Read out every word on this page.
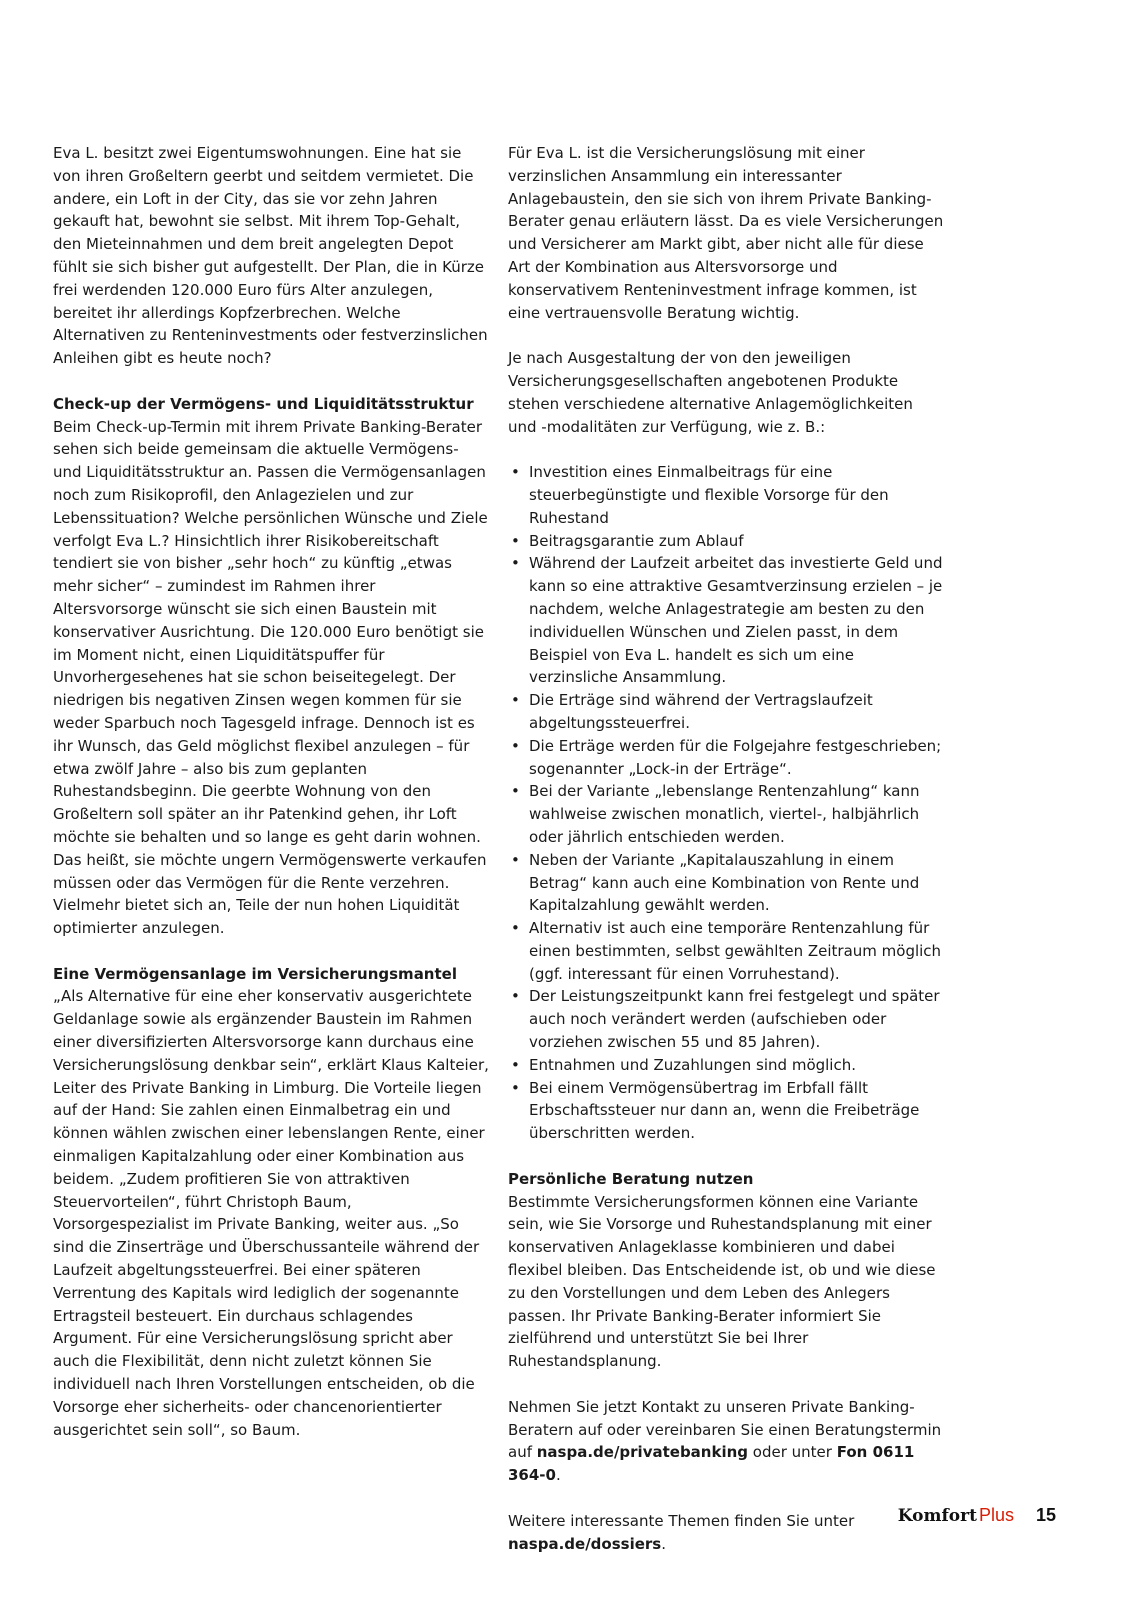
Eva L. besitzt zwei Eigentumswohnungen. Eine hat sie von ihren Großeltern geerbt und seitdem vermietet. Die andere, ein Loft in der City, das sie vor zehn Jahren gekauft hat, bewohnt sie selbst. Mit ihrem Top-Gehalt, den Mieteinnahmen und dem breit angelegten Depot fühlt sie sich bisher gut aufgestellt. Der Plan, die in Kürze frei werdenden 120.000 Euro fürs Alter anzulegen, bereitet ihr allerdings Kopfzerbrechen. Welche Alternativen zu Renteninvestments oder festverzinslichen Anleihen gibt es heute noch?

Check-up der Vermögens- und Liquiditätsstruktur

Beim Check-up-Termin mit ihrem Private Banking-Berater sehen sich beide gemeinsam die aktuelle Vermögens- und Liquiditätsstruktur an. Passen die Vermögensanlagen noch zum Risikoprofil, den Anlagezielen und zur Lebenssituation? Welche persönlichen Wünsche und Ziele verfolgt Eva L.? Hinsichtlich ihrer Risikobereitschaft tendiert sie von bisher „sehr hoch“ zu künftig „etwas mehr sicher“ – zumindest im Rahmen ihrer Altersvorsorge wünscht sie sich einen Baustein mit konservativer Ausrichtung. Die 120.000 Euro benötigt sie im Moment nicht, einen Liquiditätspuffer für Unvorhergesehenes hat sie schon beiseitegelegt. Der niedrigen bis negativen Zinsen wegen kommen für sie weder Sparbuch noch Tagesgeld infrage. Dennoch ist es ihr Wunsch, das Geld möglichst flexibel anzulegen – für etwa zwölf Jahre – also bis zum geplanten Ruhestandsbeginn. Die geerbte Wohnung von den Großeltern soll später an ihr Patenkind gehen, ihr Loft möchte sie behalten und so lange es geht darin wohnen. Das heißt, sie möchte ungern Vermögenswerte verkaufen müssen oder das Vermögen für die Rente verzehren. Vielmehr bietet sich an, Teile der nun hohen Liquidität optimierter anzulegen.

Eine Vermögensanlage im Versicherungsmantel

„Als Alternative für eine eher konservativ ausgerichtete Geldanlage sowie als ergänzender Baustein im Rahmen einer diversifizierten Altersvorsorge kann durchaus eine Versicherungslösung denkbar sein“, erklärt Klaus Kalteier, Leiter des Private Banking in Limburg. Die Vorteile liegen auf der Hand: Sie zahlen einen Einmalbetrag ein und können wählen zwischen einer lebenslangen Rente, einer einmaligen Kapitalzahlung oder einer Kombination aus beidem. „Zudem profitieren Sie von attraktiven Steuervorteilen“, führt Christoph Baum, Vorsorgespezialist im Private Banking, weiter aus. „So sind die Zinserträge und Überschussanteile während der Laufzeit abgeltungssteuerfrei. Bei einer späteren Verrentung des Kapitals wird lediglich der sogenannte Ertragsteil besteuert. Ein durchaus schlagendes Argument. Für eine Versicherungslösung spricht aber auch die Flexibilität, denn nicht zuletzt können Sie individuell nach Ihren Vorstellungen entscheiden, ob die Vorsorge eher sicherheits- oder chancenorientierter ausgerichtet sein soll“, so Baum.

Für Eva L. ist die Versicherungslösung mit einer verzinslichen Ansammlung ein interessanter Anlagebaustein, den sie sich von ihrem Private Banking-Berater genau erläutern lässt. Da es viele Versicherungen und Versicherer am Markt gibt, aber nicht alle für diese Art der Kombination aus Altersvorsorge und konservativem Renteninvestment infrage kommen, ist eine vertrauensvolle Beratung wichtig.

Je nach Ausgestaltung der von den jeweiligen Versicherungsgesellschaften angebotenen Produkte stehen verschiedene alternative Anlagemöglichkeiten und -modalitäten zur Verfügung, wie z. B.:

• Investition eines Einmalbeitrags für eine steuerbegünstigte und flexible Vorsorge für den Ruhestand
• Beitragsgarantie zum Ablauf
• Während der Laufzeit arbeitet das investierte Geld und kann so eine attraktive Gesamtverzinsung erzielen – je nachdem, welche Anlagestrategie am besten zu den individuellen Wünschen und Zielen passt, in dem Beispiel von Eva L. handelt es sich um eine verzinsliche Ansammlung.
• Die Erträge sind während der Vertragslaufzeit abgeltungssteuerfrei.
• Die Erträge werden für die Folgejahre festgeschrieben; sogenannter „Lock-in der Erträge“.
• Bei der Variante „lebenslange Rentenzahlung“ kann wahlweise zwischen monatlich, viertel-, halbjährlich oder jährlich entschieden werden.
• Neben der Variante „Kapitalauszahlung in einem Betrag“ kann auch eine Kombination von Rente und Kapitalzahlung gewählt werden.
• Alternativ ist auch eine temporäre Rentenzahlung für einen bestimmten, selbst gewählten Zeitraum möglich (ggf. interessant für einen Vorruhestand).
• Der Leistungszeitpunkt kann frei festgelegt und später auch noch verändert werden (aufschieben oder vorziehen zwischen 55 und 85 Jahren).
• Entnahmen und Zuzahlungen sind möglich.
• Bei einem Vermögensübertrag im Erbfall fällt Erbschaftssteuer nur dann an, wenn die Freibeträge überschritten werden.

Persönliche Beratung nutzen

Bestimmte Versicherungsformen können eine Variante sein, wie Sie Vorsorge und Ruhestandsplanung mit einer konservativen Anlageklasse kombinieren und dabei flexibel bleiben. Das Entscheidende ist, ob und wie diese zu den Vorstellungen und dem Leben des Anlegers passen. Ihr Private Banking-Berater informiert Sie zielführend und unterstützt Sie bei Ihrer Ruhestandsplanung.

Nehmen Sie jetzt Kontakt zu unseren Private Banking-Beratern auf oder vereinbaren Sie einen Beratungstermin auf naspa.de/privatebanking oder unter Fon 0611 364-0.

Weitere interessante Themen finden Sie unter naspa.de/dossiers.

Komfort Plus 15
